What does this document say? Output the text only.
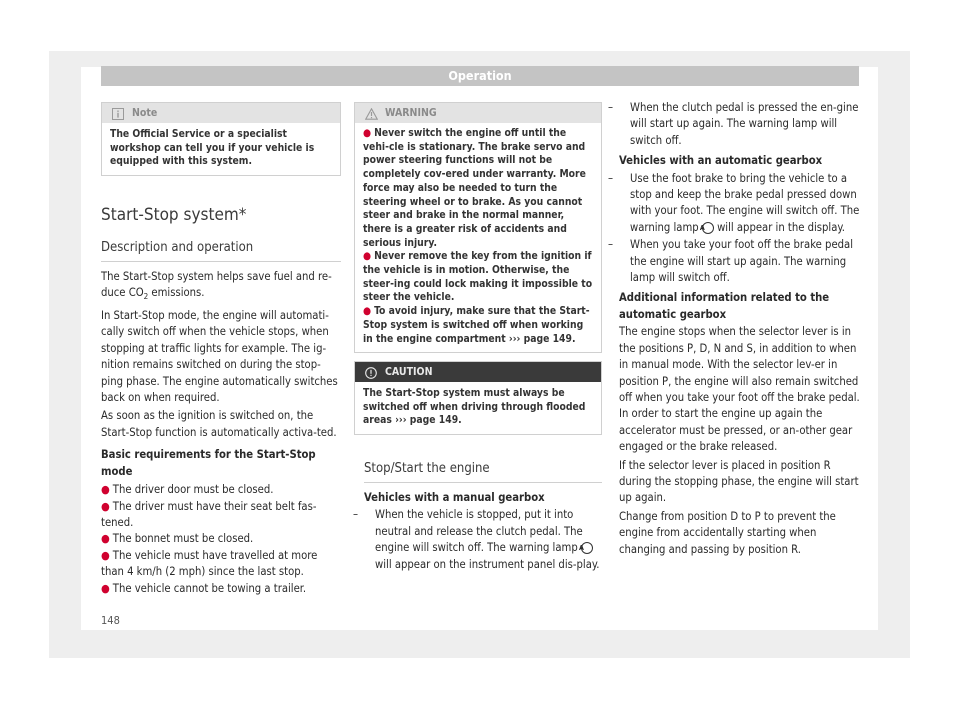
Operation
Note
The Official Service or a specialist workshop can tell you if your vehicle is equipped with this system.
Start-Stop system*
Description and operation

The Start-Stop system helps save fuel and re-duce $CO_2$ emissions.

In Start-Stop mode, the engine will automati-cally switch off when the vehicle stops, when stopping at traffic lights for example. The ig-nition remains switched on during the stop-ping phase. The engine automatically switches back on when required.

As soon as the ignition is switched on, the Start-Stop function is automatically activa-ted.

Basic requirements for the Start-Stop mode

● The driver door must be closed.

● The driver must have their seat belt fas-tened.

● The bonnet must be closed.

● The vehicle must have travelled at more than 4 km/h (2 mph) since the last stop.

● The vehicle cannot be towing a trailer.

WARNING
● Never switch the engine off until the vehi-cle is stationary. The brake servo and power steering functions will not be completely cov-ered under warranty. More force may also be needed to turn the steering wheel or to brake. As you cannot steer and brake in the normal manner, there is a greater risk of accidents and serious injury.
● Never remove the key from the ignition if the vehicle is in motion. Otherwise, the steer-ing could lock making it impossible to steer the vehicle.
● To avoid injury, make sure that the Start-Stop system is switched off when working in the engine compartment ››› page 149.
CAUTION
The Start-Stop system must always be switched off when driving through flooded areas ››› page 149.
Stop/Start the engine

Vehicles with a manual gearbox

– When the vehicle is stopped, put it into neutral and release the clutch pedal. The engine will switch off. The warning lamp A will appear on the instrument panel dis-play.

– When the clutch pedal is pressed the en-gine will start up again. The warning lamp will switch off.

Vehicles with an automatic gearbox

– Use the foot brake to bring the vehicle to a stop and keep the brake pedal pressed down with your foot. The engine will switch off. The warning lamp A will appear in the display.

– When you take your foot off the brake pedal the engine will start up again. The warning lamp will switch off.

Additional information related to the automatic gearbox

The engine stops when the selector lever is in the positions P, D, N and S, in addition to when in manual mode. With the selector lev-er in position P, the engine will also remain switched off when you take your foot off the brake pedal. In order to start the engine up again the accelerator must be pressed, or an-other gear engaged or the brake released.

If the selector lever is placed in position R during the stopping phase, the engine will start up again.

Change from position D to P to prevent the engine from accidentally starting when changing and passing by position R.

148
